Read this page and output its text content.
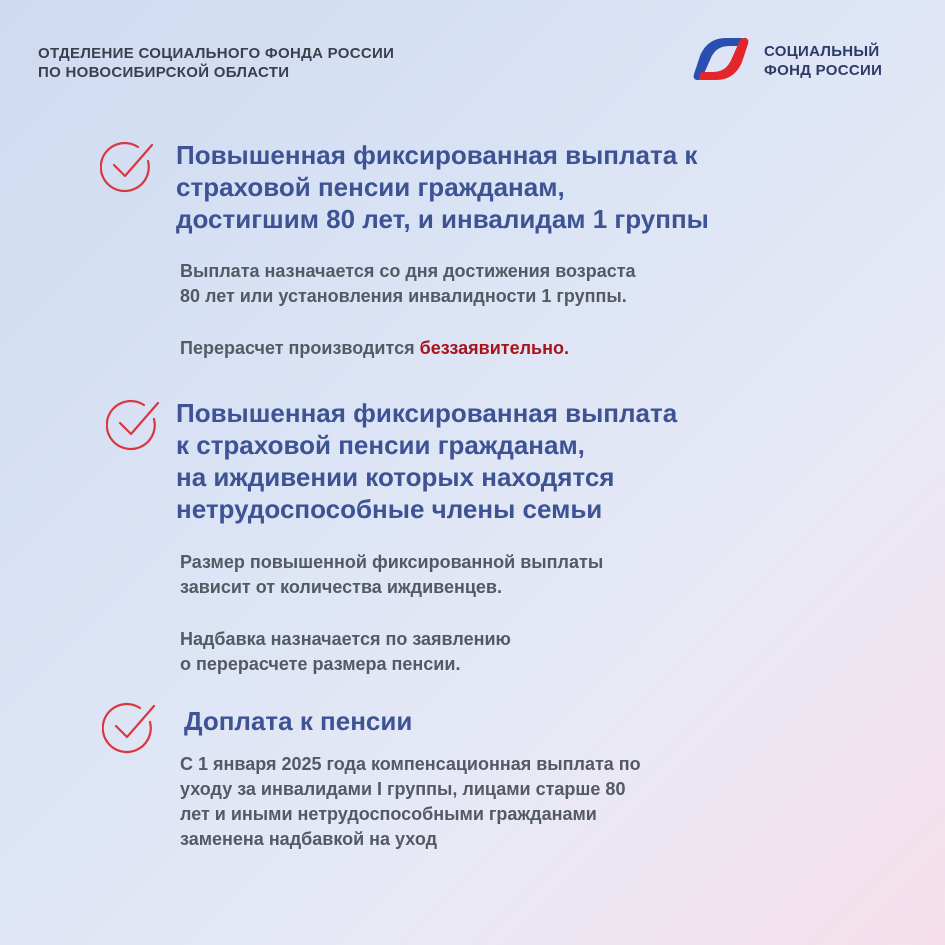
ОТДЕЛЕНИЕ СОЦИАЛЬНОГО ФОНДА РОССИИ
ПО НОВОСИБИРСКОЙ ОБЛАСТИ
СОЦИАЛЬНЫЙ
ФОНД РОССИИ
Повышенная фиксированная выплата к
страховой пенсии гражданам,
достигшим 80 лет, и инвалидам 1 группы

Выплата назначается со дня достижения возраста
80 лет или установления инвалидности 1 группы.

Перерасчет производится беззаявительно.

Повышенная фиксированная выплата
к страховой пенсии гражданам,
на иждивении которых находятся
нетрудоспособные члены семьи

Размер повышенной фиксированной выплаты
зависит от количества иждивенцев.

Надбавка назначается по заявлению
о перерасчете размера пенсии.

Доплата к пенсии

С 1 января 2025 года компенсационная выплата по
уходу за инвалидами I группы, лицами старше 80
лет и иными нетрудоспособными гражданами
заменена надбавкой на уход
